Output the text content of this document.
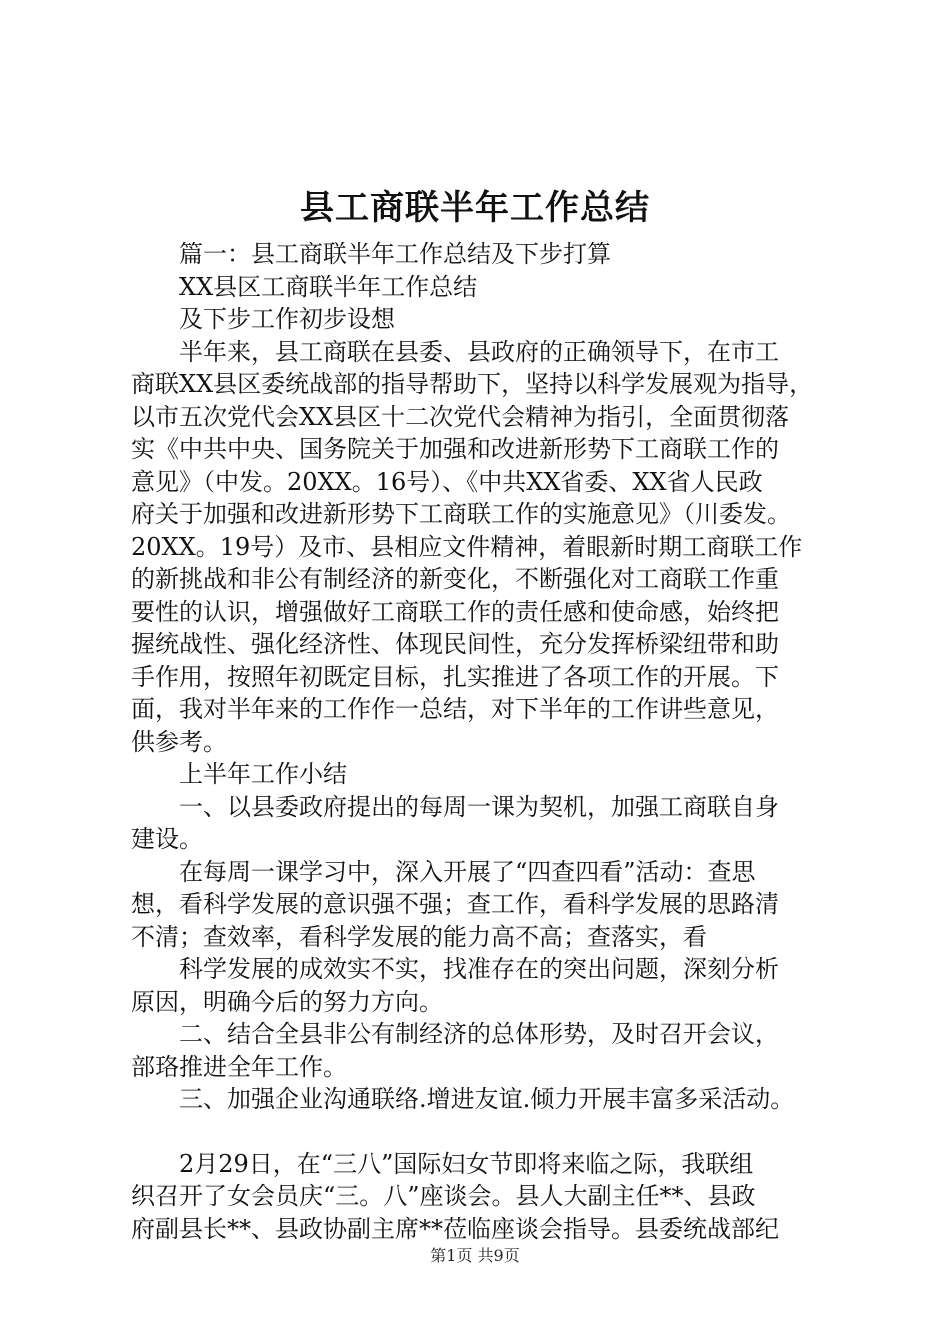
县工商联半年工作总结
篇一：县工商联半年工作总结及下步打算
XX县区工商联半年工作总结
及下步工作初步设想
半年来，县工商联在县委、县政府的正确领导下，在市工
商联XX县区委统战部的指导帮助下，坚持以科学发展观为指导，
以市五次党代会XX县区十二次党代会精神为指引，全面贯彻落
实《中共中央、国务院关于加强和改进新形势下工商联工作的
意见》（中发。20XX。16号）、《中共XX省委、XX省人民政
府关于加强和改进新形势下工商联工作的实施意见》（川委发。
20XX。19号）及市、县相应文件精神，着眼新时期工商联工作
的新挑战和非公有制经济的新变化，不断强化对工商联工作重
要性的认识，增强做好工商联工作的责任感和使命感，始终把
握统战性、强化经济性、体现民间性，充分发挥桥梁纽带和助
手作用，按照年初既定目标，扎实推进了各项工作的开展。下
面，我对半年来的工作作一总结，对下半年的工作讲些意见，
供参考。
上半年工作小结
一、以县委政府提出的每周一课为契机，加强工商联自身
建设。
在每周一课学习中，深入开展了“四查四看”活动：查思
想，看科学发展的意识强不强；查工作，看科学发展的思路清
不清；查效率，看科学发展的能力高不高；查落实，看
科学发展的成效实不实，找准存在的突出问题，深刻分析
原因，明确今后的努力方向。
二、结合全县非公有制经济的总体形势，及时召开会议，
部珞推进全年工作。
三、加强企业沟通联络.增进友谊.倾力开展丰富多采活动。
2月29日，在“三八”国际妇女节即将来临之际，我联组
织召开了女会员庆“三。八”座谈会。县人大副主任**、县政
府副县长**、县政协副主席**莅临座谈会指导。县委统战部纪
第1页 共9页
